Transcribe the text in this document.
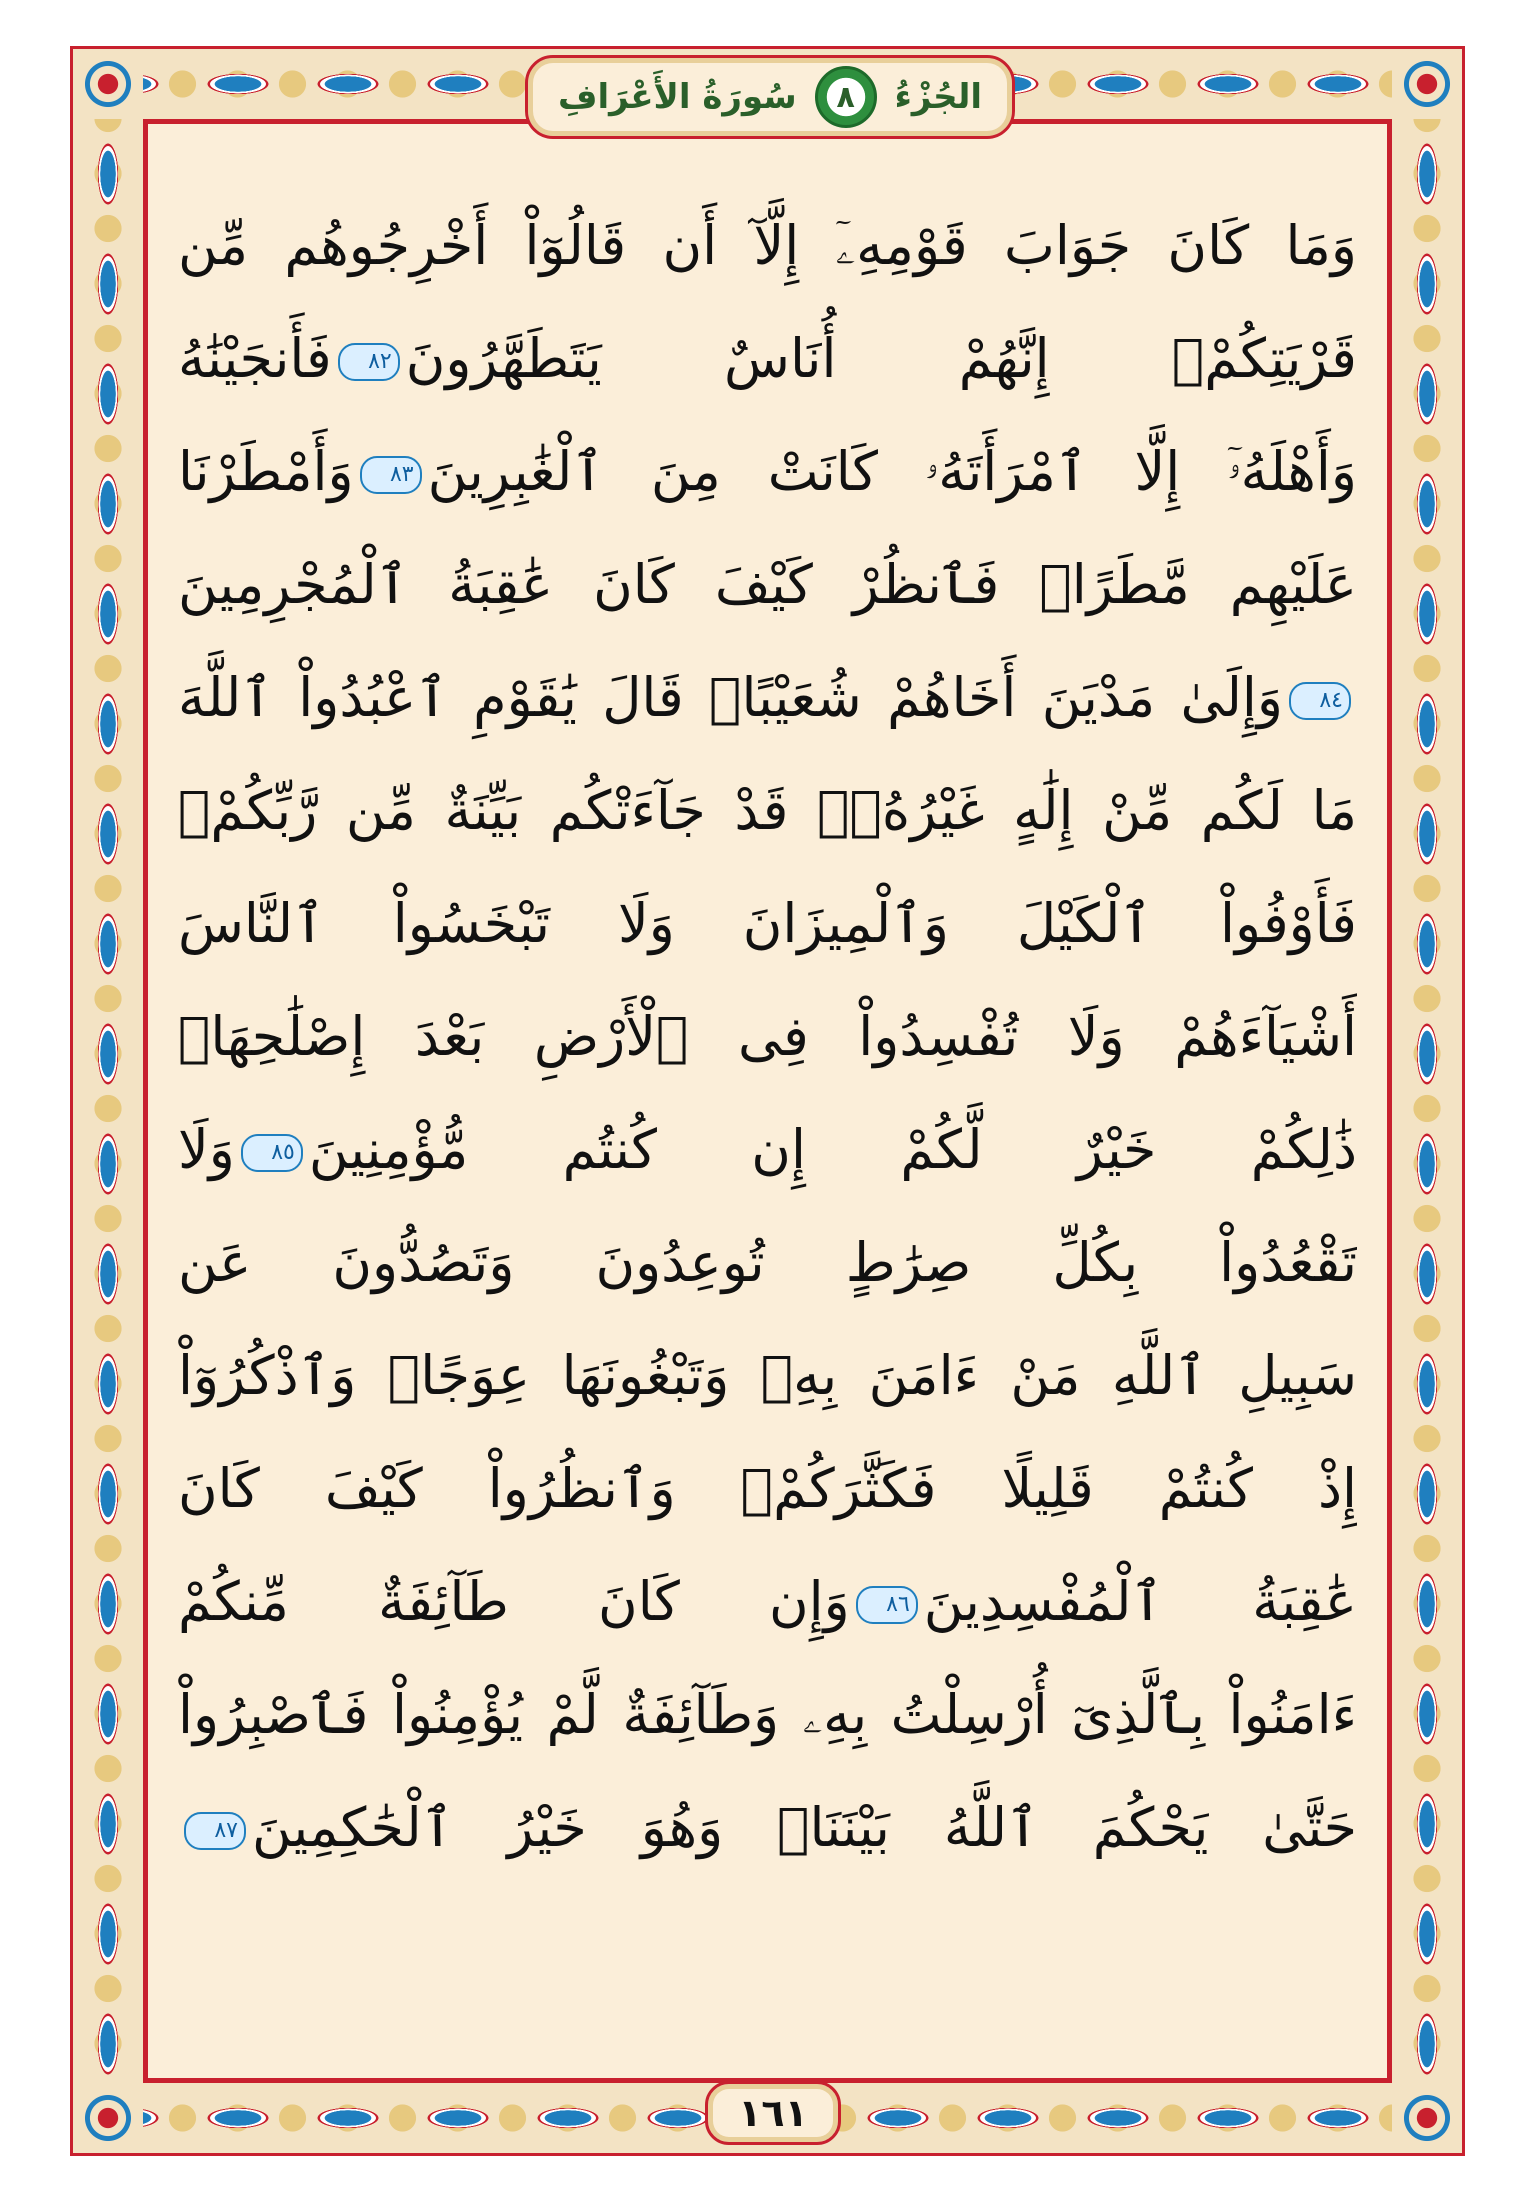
الجُزْءُ
٨
سُورَةُ الأَعْرَافِ
وَمَا كَانَ جَوَابَ قَوْمِهِۦٓ إِلَّآ أَن قَالُوٓاْ أَخْرِجُوهُم مِّن
قَرْيَتِكُمْۖ إِنَّهُمْ أُنَاسٌ يَتَطَهَّرُونَ٨٢فَأَنجَيْنَٰهُ
وَأَهْلَهُۥٓ إِلَّا ٱمْرَأَتَهُۥ كَانَتْ مِنَ ٱلْغَٰبِرِينَ٨٣وَأَمْطَرْنَا
عَلَيْهِم مَّطَرًاۖ فَٱنظُرْ كَيْفَ كَانَ عَٰقِبَةُ ٱلْمُجْرِمِينَ
٨٤وَإِلَىٰ مَدْيَنَ أَخَاهُمْ شُعَيْبًاۗ قَالَ يَٰقَوْمِ ٱعْبُدُواْ ٱللَّهَ
مَا لَكُم مِّنْ إِلَٰهٍ غَيْرُهُۥۖ قَدْ جَآءَتْكُم بَيِّنَةٌ مِّن رَّبِّكُمْۖ
فَأَوْفُواْ ٱلْكَيْلَ وَٱلْمِيزَانَ وَلَا تَبْخَسُواْ ٱلنَّاسَ
أَشْيَآءَهُمْ وَلَا تُفْسِدُواْ فِى ٱلْأَرْضِ بَعْدَ إِصْلَٰحِهَاۚ
ذَٰلِكُمْ خَيْرٌ لَّكُمْ إِن كُنتُم مُّؤْمِنِينَ٨٥وَلَا
تَقْعُدُواْ بِكُلِّ صِرَٰطٍ تُوعِدُونَ وَتَصُدُّونَ عَن
سَبِيلِ ٱللَّهِ مَنْ ءَامَنَ بِهِۦ وَتَبْغُونَهَا عِوَجًاۚ وَٱذْكُرُوٓاْ
إِذْ كُنتُمْ قَلِيلًا فَكَثَّرَكُمْۖ وَٱنظُرُواْ كَيْفَ كَانَ
عَٰقِبَةُ ٱلْمُفْسِدِينَ٨٦وَإِن كَانَ طَآئِفَةٌ مِّنكُمْ
ءَامَنُواْ بِٱلَّذِىٓ أُرْسِلْتُ بِهِۦ وَطَآئِفَةٌ لَّمْ يُؤْمِنُواْ فَٱصْبِرُواْ
حَتَّىٰ يَحْكُمَ ٱللَّهُ بَيْنَنَاۚ وَهُوَ خَيْرُ ٱلْحَٰكِمِينَ٨٧
١٦١
